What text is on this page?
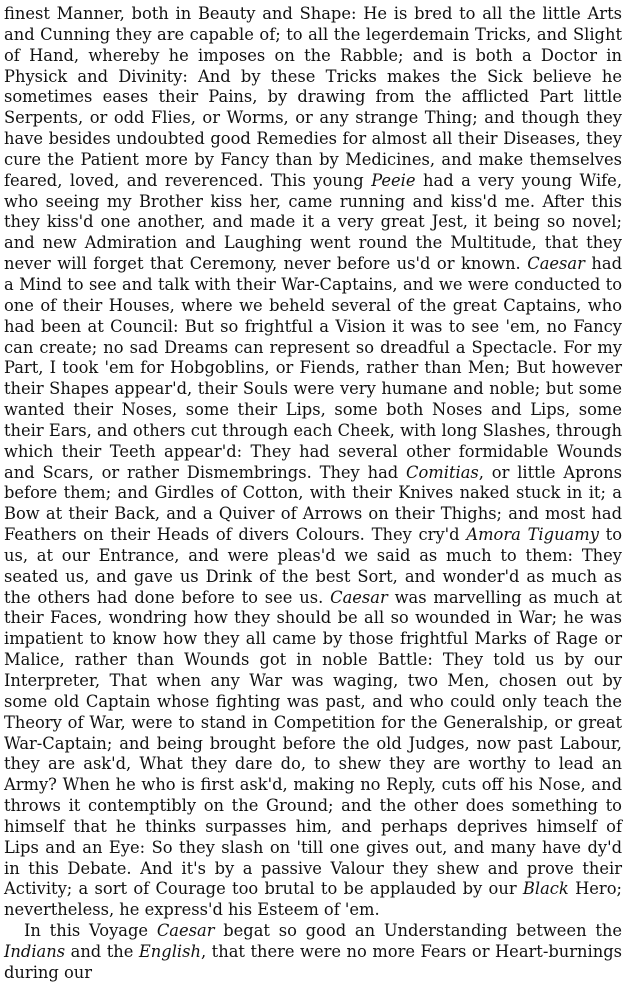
finest Manner, both in Beauty and Shape: He is bred to all the little Arts and Cunning they are capable of; to all the legerdemain Tricks, and Slight of Hand, whereby he imposes on the Rabble; and is both a Doctor in Physick and Divinity: And by these Tricks makes the Sick believe he sometimes eases their Pains, by drawing from the afflicted Part little Serpents, or odd Flies, or Worms, or any strange Thing; and though they have besides undoubted good Remedies for almost all their Diseases, they cure the Patient more by Fancy than by Medicines, and make themselves feared, loved, and reverenced. This young Peeie had a very young Wife, who seeing my Brother kiss her, came running and kiss'd me. After this they kiss'd one another, and made it a very great Jest, it being so novel; and new Admiration and Laughing went round the Multitude, that they never will forget that Ceremony, never before us'd or known. Caesar had a Mind to see and talk with their War-Captains, and we were conducted to one of their Houses, where we beheld several of the great Captains, who had been at Council: But so frightful a Vision it was to see 'em, no Fancy can create; no sad Dreams can represent so dreadful a Spectacle. For my Part, I took 'em for Hobgoblins, or Fiends, rather than Men; But however their Shapes appear'd, their Souls were very humane and noble; but some wanted their Noses, some their Lips, some both Noses and Lips, some their Ears, and others cut through each Cheek, with long Slashes, through which their Teeth appear'd: They had several other formidable Wounds and Scars, or rather Dismembrings. They had Comitias, or little Aprons before them; and Girdles of Cotton, with their Knives naked stuck in it; a Bow at their Back, and a Quiver of Arrows on their Thighs; and most had Feathers on their Heads of divers Colours. They cry'd Amora Tiguamy to us, at our Entrance, and were pleas'd we said as much to them: They seated us, and gave us Drink of the best Sort, and wonder'd as much as the others had done before to see us. Caesar was marvelling as much at their Faces, wondring how they should be all so wounded in War; he was impatient to know how they all came by those frightful Marks of Rage or Malice, rather than Wounds got in noble Battle: They told us by our Interpreter, That when any War was waging, two Men, chosen out by some old Captain whose fighting was past, and who could only teach the Theory of War, were to stand in Competition for the Generalship, or great War-Captain; and being brought before the old Judges, now past Labour, they are ask'd, What they dare do, to shew they are worthy to lead an Army? When he who is first ask'd, making no Reply, cuts off his Nose, and throws it contemptibly on the Ground; and the other does something to himself that he thinks surpasses him, and perhaps deprives himself of Lips and an Eye: So they slash on 'till one gives out, and many have dy'd in this Debate. And it's by a passive Valour they shew and prove their Activity; a sort of Courage too brutal to be applauded by our Black Hero; nevertheless, he express'd his Esteem of 'em.

In this Voyage Caesar begat so good an Understanding between the Indians and the English, that there were no more Fears or Heart-burnings during our
